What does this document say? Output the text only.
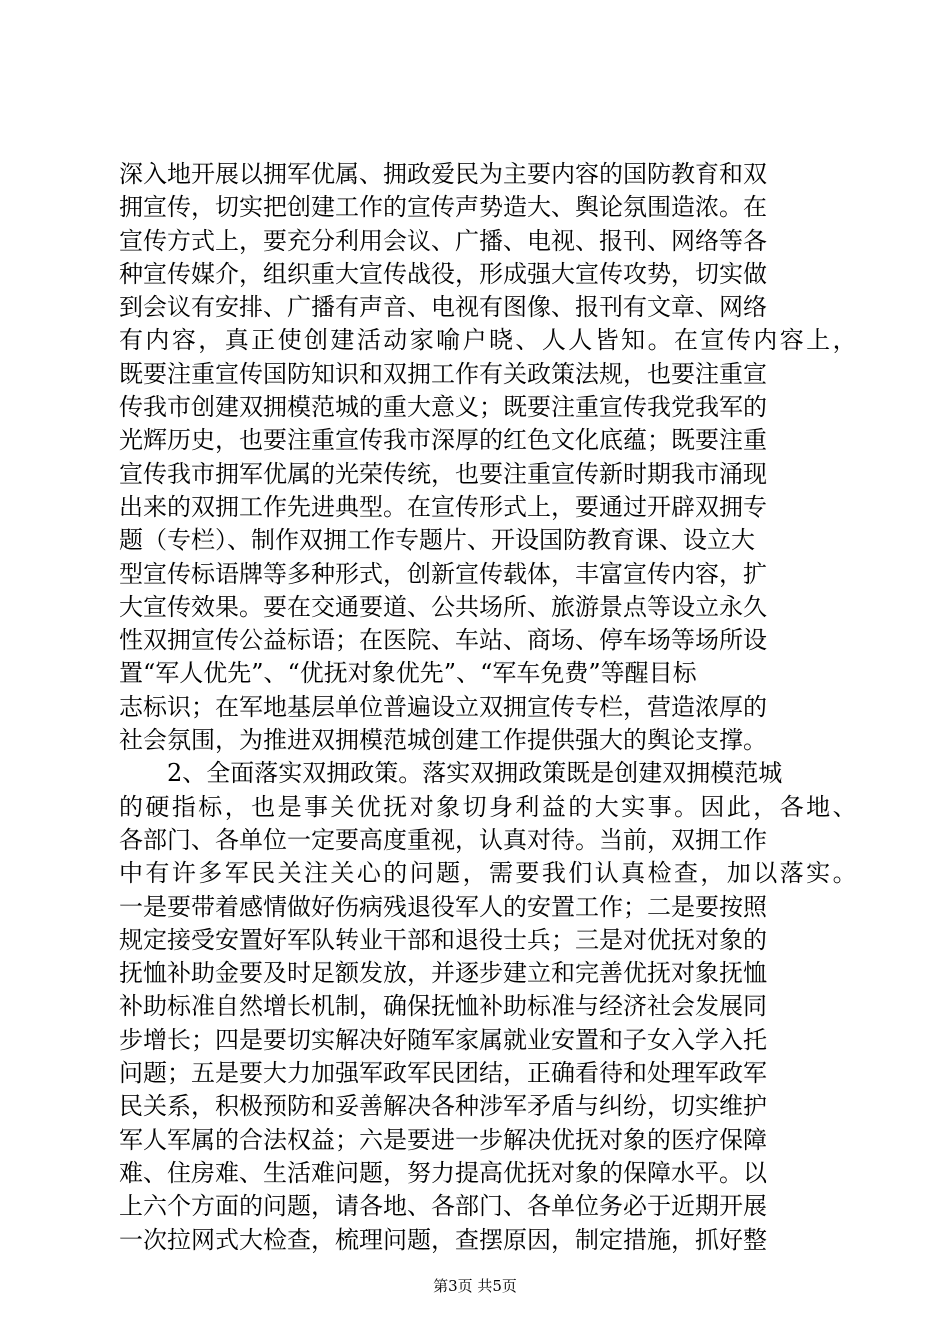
深入地开展以拥军优属、拥政爱民为主要内容的国防教育和双
拥宣传，切实把创建工作的宣传声势造大、舆论氛围造浓。在
宣传方式上，要充分利用会议、广播、电视、报刊、网络等各
种宣传媒介，组织重大宣传战役，形成强大宣传攻势，切实做
到会议有安排、广播有声音、电视有图像、报刊有文章、网络
有内容，真正使创建活动家喻户晓、人人皆知。在宣传内容上，
既要注重宣传国防知识和双拥工作有关政策法规，也要注重宣
传我市创建双拥模范城的重大意义；既要注重宣传我党我军的
光辉历史，也要注重宣传我市深厚的红色文化底蕴；既要注重
宣传我市拥军优属的光荣传统，也要注重宣传新时期我市涌现
出来的双拥工作先进典型。在宣传形式上，要通过开辟双拥专
题（专栏）、制作双拥工作专题片、开设国防教育课、设立大
型宣传标语牌等多种形式，创新宣传载体，丰富宣传内容，扩
大宣传效果。要在交通要道、公共场所、旅游景点等设立永久
性双拥宣传公益标语；在医院、车站、商场、停车场等场所设
置“军人优先”、“优抚对象优先”、“军车免费”等醒目标
志标识；在军地基层单位普遍设立双拥宣传专栏，营造浓厚的
社会氛围，为推进双拥模范城创建工作提供强大的舆论支撑。
　　2、全面落实双拥政策。落实双拥政策既是创建双拥模范城
的硬指标，也是事关优抚对象切身利益的大实事。因此，各地、
各部门、各单位一定要高度重视，认真对待。当前，双拥工作
中有许多军民关注关心的问题，需要我们认真检查，加以落实。
一是要带着感情做好伤病残退役军人的安置工作；二是要按照
规定接受安置好军队转业干部和退役士兵；三是对优抚对象的
抚恤补助金要及时足额发放，并逐步建立和完善优抚对象抚恤
补助标准自然增长机制，确保抚恤补助标准与经济社会发展同
步增长；四是要切实解决好随军家属就业安置和子女入学入托
问题；五是要大力加强军政军民团结，正确看待和处理军政军
民关系，积极预防和妥善解决各种涉军矛盾与纠纷，切实维护
军人军属的合法权益；六是要进一步解决优抚对象的医疗保障
难、住房难、生活难问题，努力提高优抚对象的保障水平。以
上六个方面的问题，请各地、各部门、各单位务必于近期开展
一次拉网式大检查，梳理问题，查摆原因，制定措施，抓好整
第3页 共5页
